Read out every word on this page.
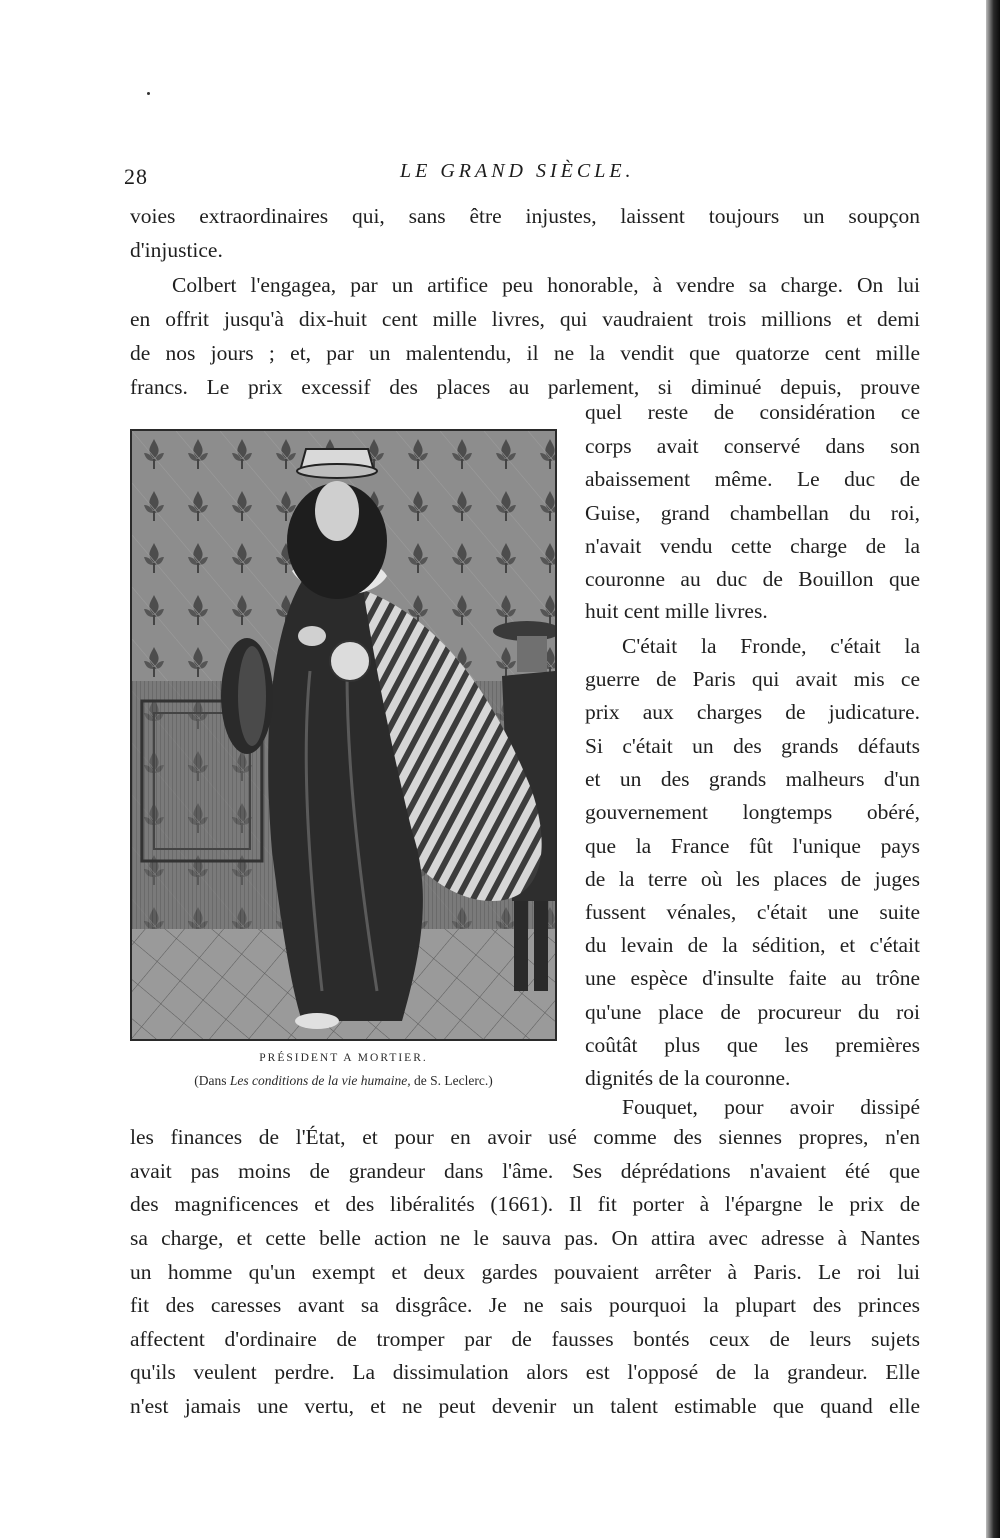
28	LE GRAND SIÈCLE.
voies extraordinaires qui, sans être injustes, laissent toujours un soupçon
d'injustice.
Colbert l'engagea, par un artifice peu honorable, à vendre sa charge. On lui
en offrit jusqu'à dix-huit cent mille livres, qui vaudraient trois millions et demi
de nos jours ; et, par un malentendu, il ne la vendit que quatorze cent mille
francs. Le prix excessif des places au parlement, si diminué depuis, prouve
quel reste de considération ce
corps avait conservé dans son
abaissement même. Le duc de
Guise, grand chambellan du roi,
n'avait vendu cette charge de la
couronne au duc de Bouillon que
huit cent mille livres.
C'était la Fronde, c'était la
guerre de Paris qui avait mis ce
prix aux charges de judicature.
Si c'était un des grands défauts
et un des grands malheurs d'un
gouvernement longtemps obéré,
que la France fût l'unique pays
de la terre où les places de juges
fussent vénales, c'était une suite
du levain de la sédition, et c'était
une espèce d'insulte faite au trône
qu'une place de procureur du roi
coûtât plus que les premières
dignités de la couronne.
Fouquet, pour avoir dissipé
les finances de l'État, et pour en avoir usé comme des siennes propres, n'en
avait pas moins de grandeur dans l'âme. Ses déprédations n'avaient été que
des magnificences et des libéralités (1661). Il fit porter à l'épargne le prix de
sa charge, et cette belle action ne le sauva pas. On attira avec adresse à Nantes
un homme qu'un exempt et deux gardes pouvaient arrêter à Paris. Le roi lui
fit des caresses avant sa disgrâce. Je ne sais pourquoi la plupart des princes
affectent d'ordinaire de tromper par de fausses bontés ceux de leurs sujets
qu'ils veulent perdre. La dissimulation alors est l'opposé de la grandeur. Elle
n'est jamais une vertu, et ne peut devenir un talent estimable que quand elle
PRÉSIDENT A MORTIER.
(Dans Les conditions de la vie humaine, de S. Leclerc.)
